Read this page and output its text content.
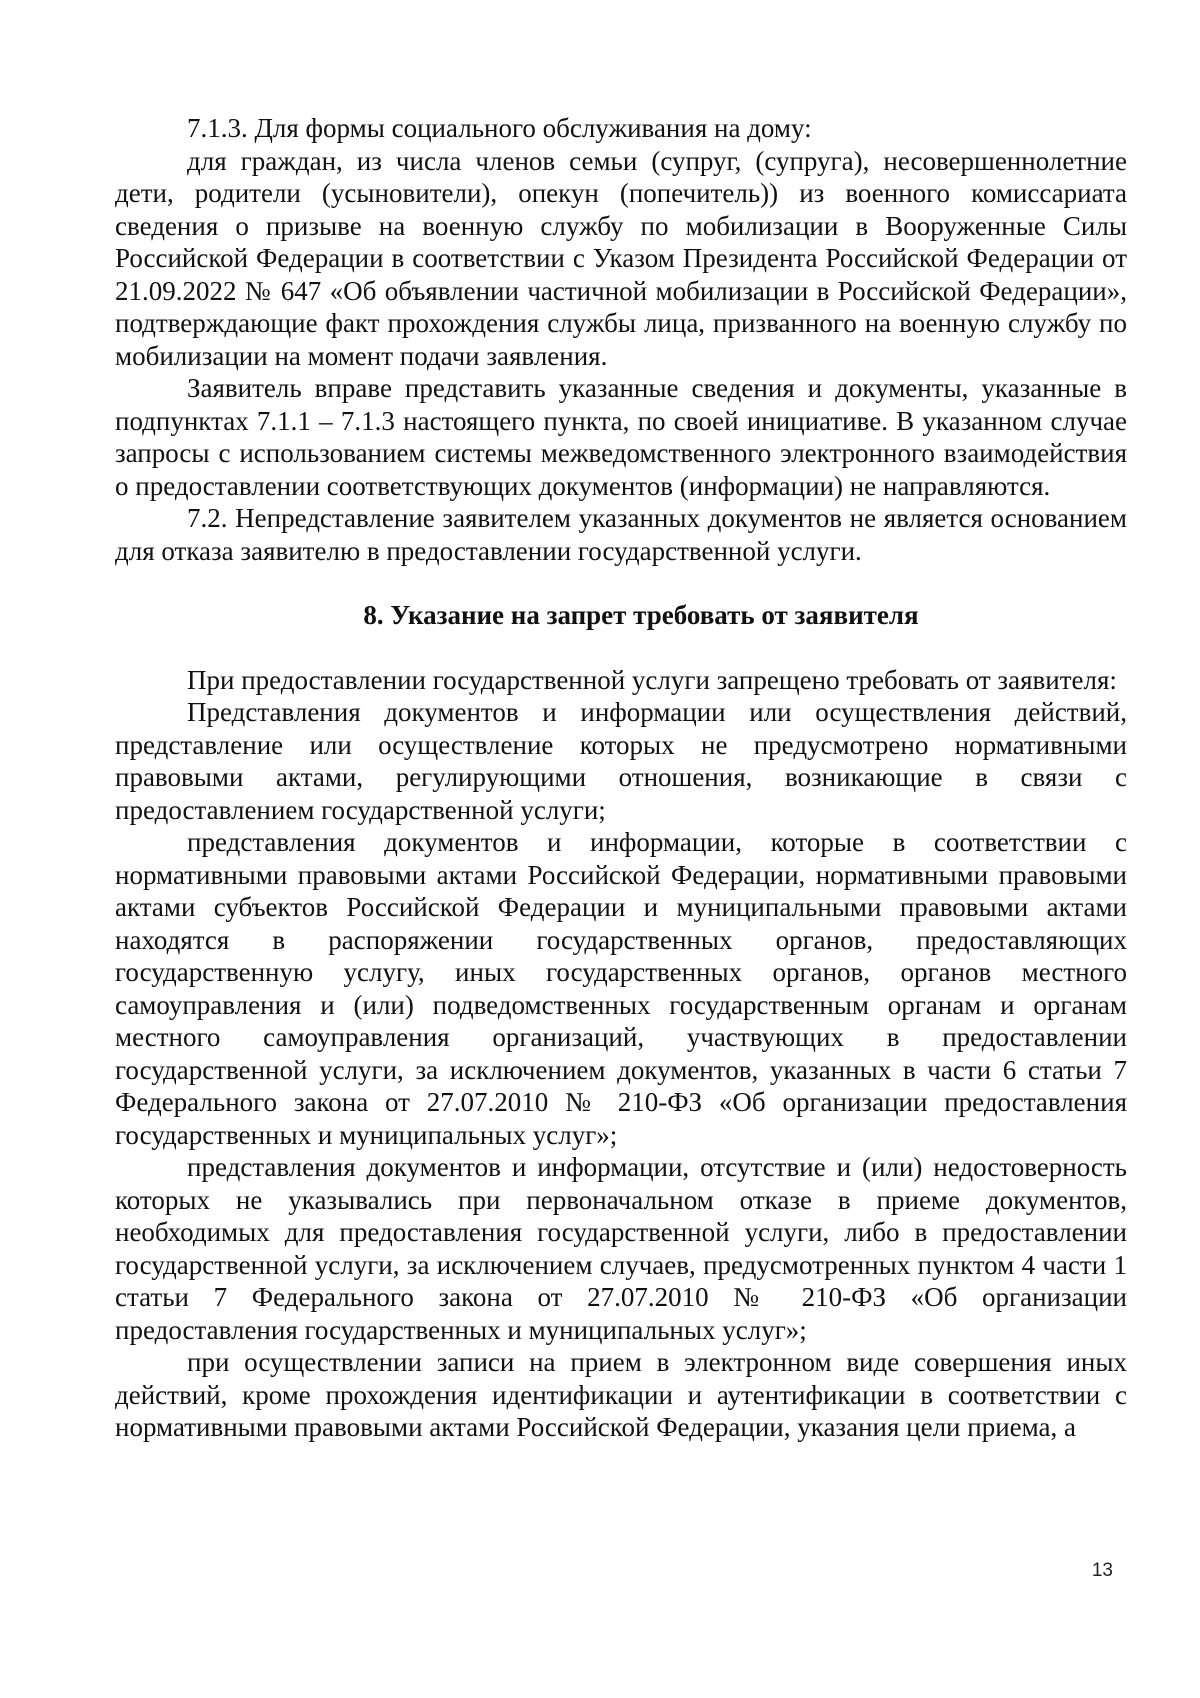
7.1.3. Для формы социального обслуживания на дому:

для граждан, из числа членов семьи (супруг, (супруга), несовершеннолетние дети, родители (усыновители), опекун (попечитель)) из военного комиссариата сведения о призыве на военную службу по мобилизации в Вооруженные Силы Российской Федерации в соответствии с Указом Президента Российской Федерации от 21.09.2022 № 647 «Об объявлении частичной мобилизации в Российской Федерации», подтверждающие факт прохождения службы лица, призванного на военную службу по мобилизации на момент подачи заявления.

Заявитель вправе представить указанные сведения и документы, указанные в подпунктах 7.1.1 – 7.1.3 настоящего пункта, по своей инициативе. В указанном случае запросы с использованием системы межведомственного электронного взаимодействия о предоставлении соответствующих документов (информации) не направляются.

7.2. Непредставление заявителем указанных документов не является основанием для отказа заявителю в предоставлении государственной услуги.

8. Указание на запрет требовать от заявителя

При предоставлении государственной услуги запрещено требовать от заявителя:

Представления документов и информации или осуществления действий, представление или осуществление которых не предусмотрено нормативными правовыми актами, регулирующими отношения, возникающие в связи с предоставлением государственной услуги;

представления документов и информации, которые в соответствии с нормативными правовыми актами Российской Федерации, нормативными правовыми актами субъектов Российской Федерации и муниципальными правовыми актами находятся в распоряжении государственных органов, предоставляющих государственную услугу, иных государственных органов, органов местного самоуправления и (или) подведомственных государственным органам и органам местного самоуправления организаций, участвующих в предоставлении государственной услуги, за исключением документов, указанных в части 6 статьи 7 Федерального закона от 27.07.2010 № 210-ФЗ «Об организации предоставления государственных и муниципальных услуг»;

представления документов и информации, отсутствие и (или) недостоверность которых не указывались при первоначальном отказе в приеме документов, необходимых для предоставления государственной услуги, либо в предоставлении государственной услуги, за исключением случаев, предусмотренных пунктом 4 части 1 статьи 7 Федерального закона от 27.07.2010 № 210-ФЗ «Об организации предоставления государственных и муниципальных услуг»;

при осуществлении записи на прием в электронном виде совершения иных действий, кроме прохождения идентификации и аутентификации в соответствии с нормативными правовыми актами Российской Федерации, указания цели приема, а

13
